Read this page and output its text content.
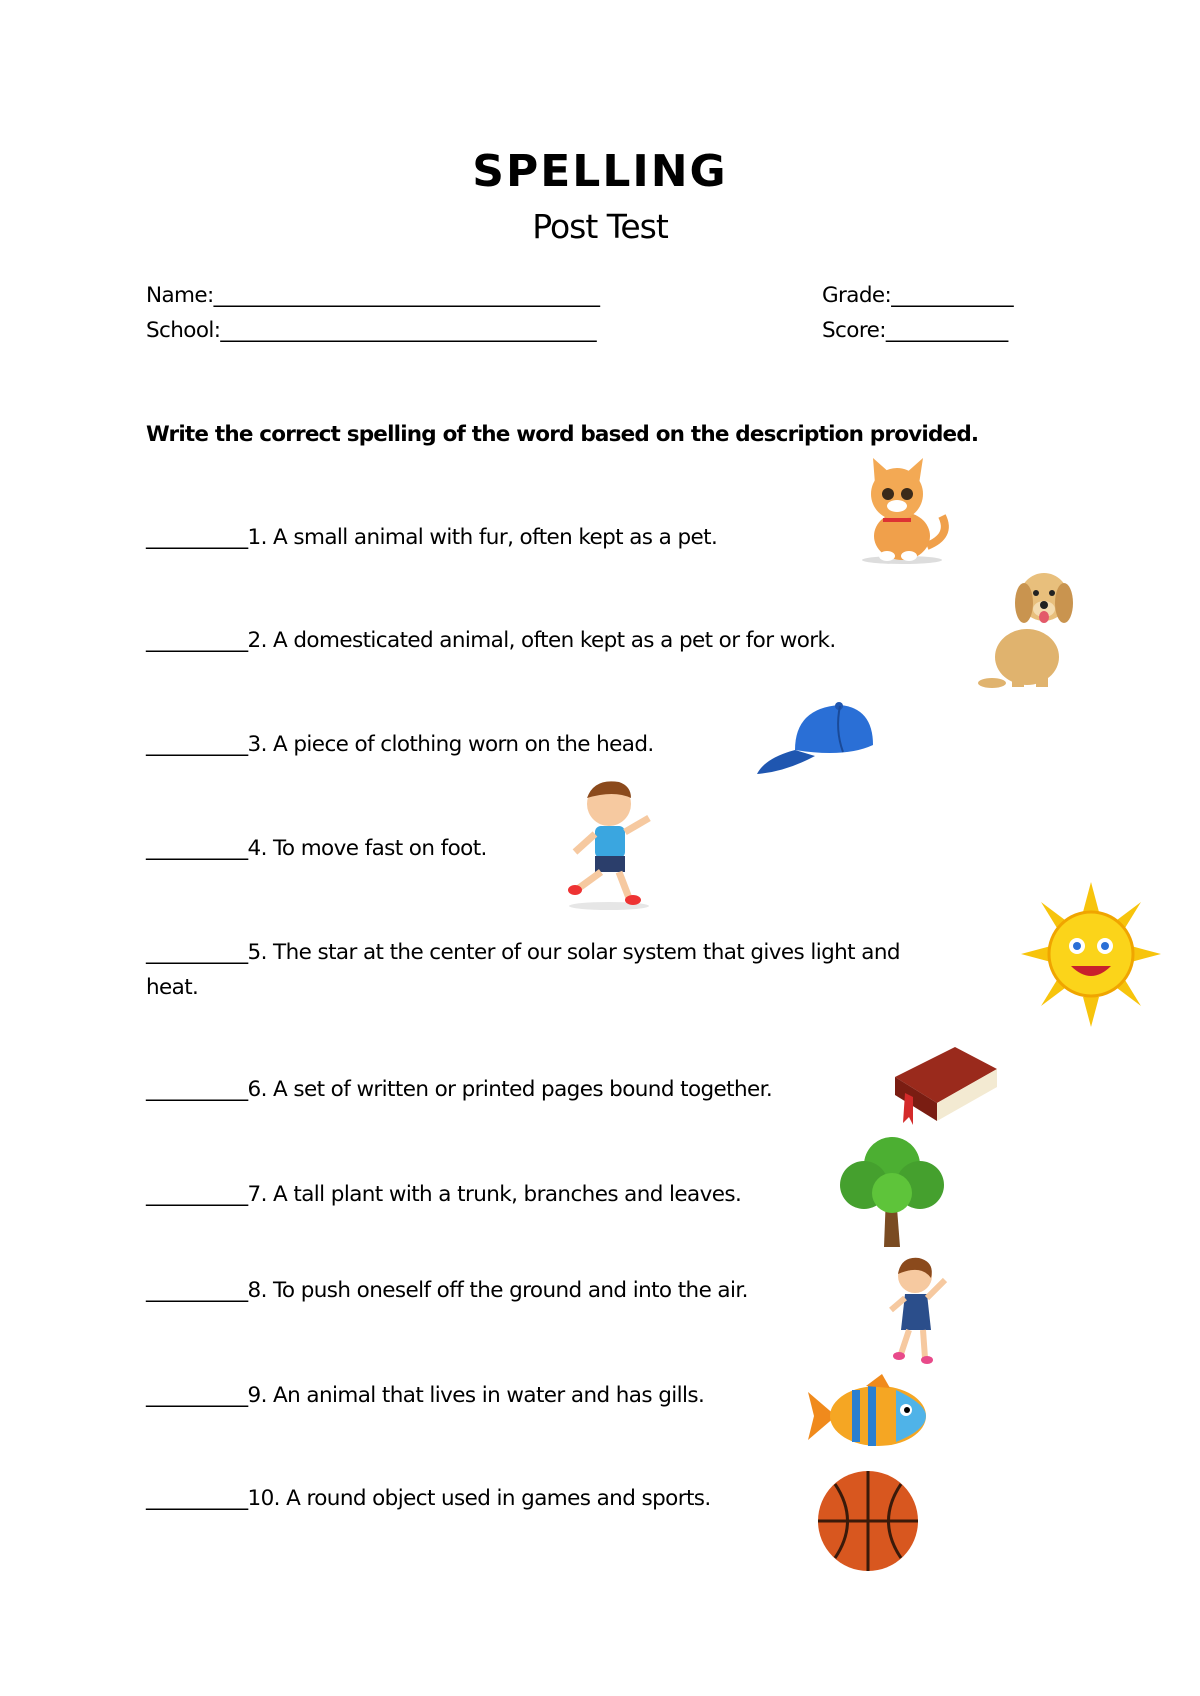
SPELLING
Post Test
Name:______________________________________
School:_____________________________________
Grade:____________
Score:____________
Write the correct spelling of the word based on the description provided.
__________1. A small animal with fur, often kept as a pet.
__________2. A domesticated animal, often kept as a pet or for work.
__________3. A piece of clothing worn on the head.
__________4. To move fast on foot.
__________5. The star at the center of our solar system that gives light and
heat.
__________6. A set of written or printed pages bound together.
__________7. A tall plant with a trunk, branches and leaves.
__________8. To push oneself off the ground and into the air.
__________9. An animal that lives in water and has gills.
__________10. A round object used in games and sports.
